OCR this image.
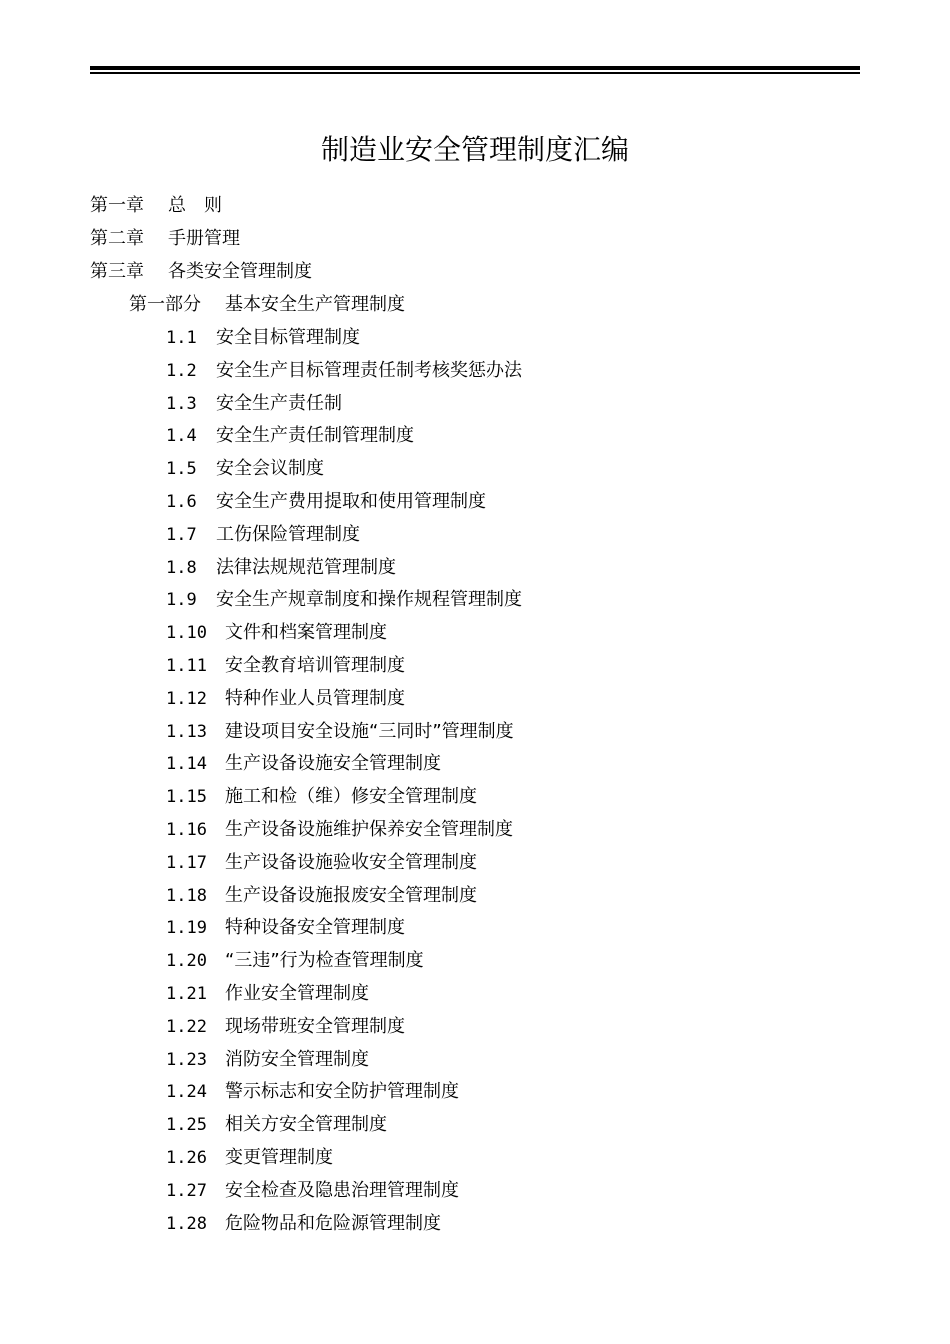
制造业安全管理制度汇编
第一章 总　则
第二章 手册管理
第三章 各类安全管理制度
第一部分 基本安全生产管理制度
1.1 安全目标管理制度
1.2 安全生产目标管理责任制考核奖惩办法
1.3 安全生产责任制
1.4 安全生产责任制管理制度
1.5 安全会议制度
1.6 安全生产费用提取和使用管理制度
1.7 工伤保险管理制度
1.8 法律法规规范管理制度
1.9 安全生产规章制度和操作规程管理制度
1.10 文件和档案管理制度
1.11 安全教育培训管理制度
1.12 特种作业人员管理制度
1.13 建设项目安全设施“三同时”管理制度
1.14 生产设备设施安全管理制度
1.15 施工和检（维）修安全管理制度
1.16 生产设备设施维护保养安全管理制度
1.17 生产设备设施验收安全管理制度
1.18 生产设备设施报废安全管理制度
1.19 特种设备安全管理制度
1.20 “三违”行为检查管理制度
1.21 作业安全管理制度
1.22 现场带班安全管理制度
1.23 消防安全管理制度
1.24 警示标志和安全防护管理制度
1.25 相关方安全管理制度
1.26 变更管理制度
1.27 安全检查及隐患治理管理制度
1.28 危险物品和危险源管理制度
